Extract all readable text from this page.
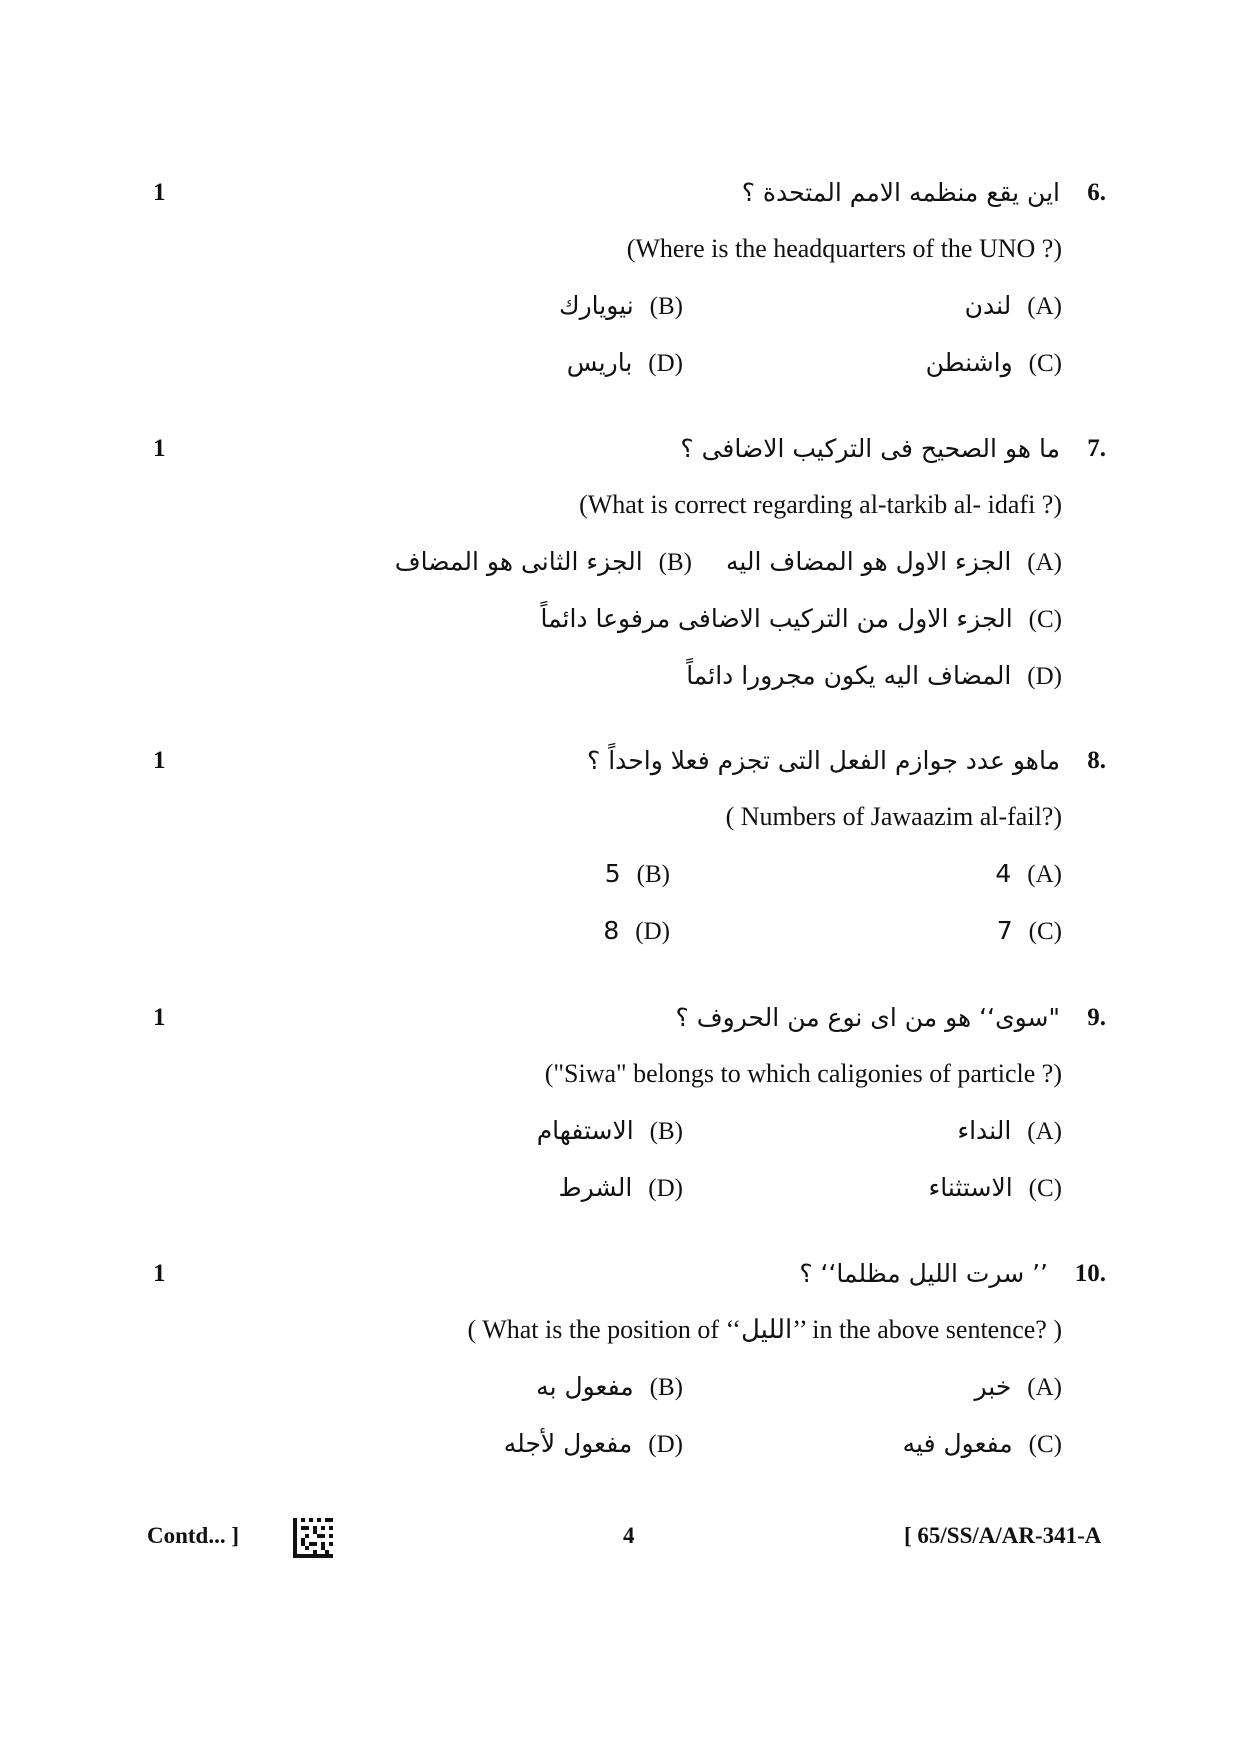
1	6.
اين يقع منظمه الامم المتحدة ؟
(Where is the headquarters of the UNO ?)
(A)
لندن
(B)
نيويارك
(C)
واشنطن
(D)
باريس
1	7.
ما هو الصحيح فى التركيب الاضافى ؟
(What is correct regarding al-tarkib al- idafi ?)
(A)
الجزء الاول هو المضاف اليه
(B)
الجزء الثانى هو المضاف
(C)
الجزء الاول من التركيب الاضافى مرفوعا دائماً
(D)
المضاف اليه يكون مجرورا دائماً
1	8.
ماهو عدد جوازم الفعل التى تجزم فعلا واحداً ؟
( Numbers of Jawaazim al-fail?)
(A)
4
(B)
5
(C)
7
(D)
8
1	9.
"سوى‘‘ هو من اى نوع من الحروف ؟
("Siwa" belongs to which caligonies of particle ?)
(A)
النداء
(B)
الاستفهام
(C)
الاستثناء
(D)
الشرط
1	10.
’’ سرت الليل مظلما‘‘ ؟
( What is the position of ‘‘الليل’’ in the above sentence? )
(A)
خبر
(B)
مفعول به
(C)
مفعول فيه
(D)
مفعول لأجله
Contd... ]	4	[ 65/SS/A/AR-341-A
